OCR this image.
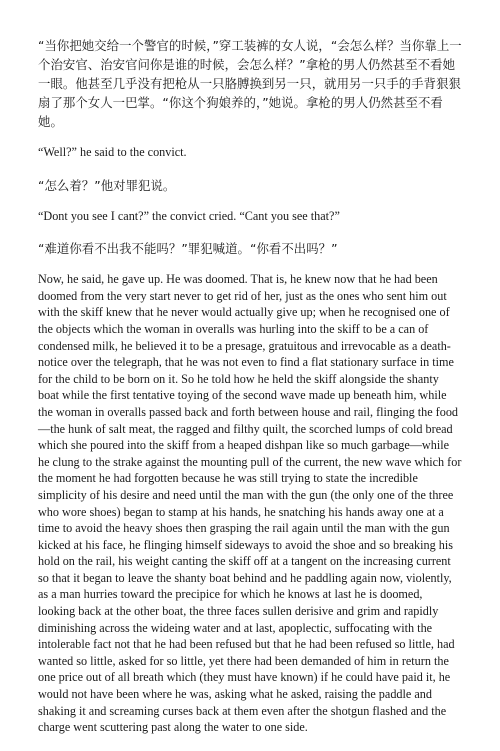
“当你把她交给一个警官的时候，”穿工装裤的女人说，“会怎么样？当你靠上一个治安官、治安官问你是谁的时候，会怎么样？”拿枪的男人仍然甚至不看她一眼。他甚至几乎没有把枪从一只胳膊换到另一只，就用另一只手的手背狠狠扇了那个女人一巴掌。“你这个狗娘养的，”她说。拿枪的男人仍然甚至不看她。

“Well?” he said to the convict.

“怎么着？”他对罪犯说。

“Dont you see I cant?” the convict cried. “Cant you see that?”

“难道你看不出我不能吗？”罪犯喊道。“你看不出吗？”

Now, he said, he gave up. He was doomed. That is, he knew now that he had been doomed from the very start never to get rid of her, just as the ones who sent him out with the skiff knew that he never would actually give up; when he recognised one of the objects which the woman in overalls was hurling into the skiff to be a can of condensed milk, he believed it to be a presage, gratuitous and irrevocable as a death-notice over the telegraph, that he was not even to find a flat stationary surface in time for the child to be born on it. So he told how he held the skiff alongside the shanty boat while the first tentative toying of the second wave made up beneath him, while the woman in overalls passed back and forth between house and rail, flinging the food—the hunk of salt meat, the ragged and filthy quilt, the scorched lumps of cold bread which she poured into the skiff from a heaped dishpan like so much garbage—while he clung to the strake against the mounting pull of the current, the new wave which for the moment he had forgotten because he was still trying to state the incredible simplicity of his desire and need until the man with the gun (the only one of the three who wore shoes) began to stamp at his hands, he snatching his hands away one at a time to avoid the heavy shoes then grasping the rail again until the man with the gun kicked at his face, he flinging himself sideways to avoid the shoe and so breaking his hold on the rail, his weight canting the skiff off at a tangent on the increasing current so that it began to leave the shanty boat behind and he paddling again now, violently, as a man hurries toward the precipice for which he knows at last he is doomed, looking back at the other boat, the three faces sullen derisive and grim and rapidly diminishing across the wideing water and at last, apoplectic, suffocating with the intolerable fact not that he had been refused but that he had been refused so little, had wanted so little, asked for so little, yet there had been demanded of him in return the one price out of all breath which (they must have known) if he could have paid it, he would not have been where he was, asking what he asked, raising the paddle and shaking it and screaming curses back at them even after the shotgun flashed and the charge went scuttering past along the water to one side.
